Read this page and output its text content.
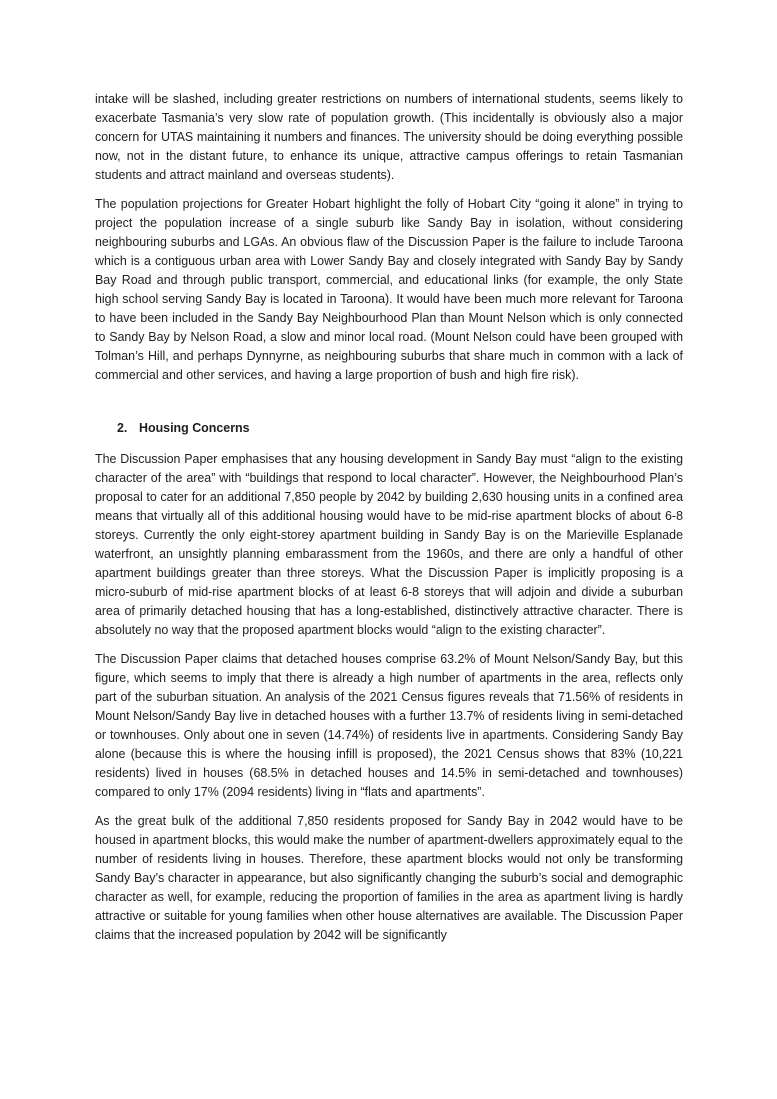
intake will be slashed, including greater restrictions on numbers of international students, seems likely to exacerbate Tasmania’s very slow rate of population growth. (This incidentally is obviously also a major concern for UTAS maintaining it numbers and finances. The university should be doing everything possible now, not in the distant future, to enhance its unique, attractive campus offerings to retain Tasmanian students and attract mainland and overseas students).

The population projections for Greater Hobart highlight the folly of Hobart City “going it alone” in trying to project the population increase of a single suburb like Sandy Bay in isolation, without considering neighbouring suburbs and LGAs. An obvious flaw of the Discussion Paper is the failure to include Taroona which is a contiguous urban area with Lower Sandy Bay and closely integrated with Sandy Bay by Sandy Bay Road and through public transport, commercial, and educational links (for example, the only State high school serving Sandy Bay is located in Taroona). It would have been much more relevant for Taroona to have been included in the Sandy Bay Neighbourhood Plan than Mount Nelson which is only connected to Sandy Bay by Nelson Road, a slow and minor local road. (Mount Nelson could have been grouped with Tolman’s Hill, and perhaps Dynnyrne, as neighbouring suburbs that share much in common with a lack of commercial and other services, and having a large proportion of bush and high fire risk).

2. Housing Concerns

The Discussion Paper emphasises that any housing development in Sandy Bay must “align to the existing character of the area” with “buildings that respond to local character”. However, the Neighbourhood Plan’s proposal to cater for an additional 7,850 people by 2042 by building 2,630 housing units in a confined area means that virtually all of this additional housing would have to be mid-rise apartment blocks of about 6-8 storeys. Currently the only eight-storey apartment building in Sandy Bay is on the Marieville Esplanade waterfront, an unsightly planning embarassment from the 1960s, and there are only a handful of other apartment buildings greater than three storeys. What the Discussion Paper is implicitly proposing is a micro-suburb of mid-rise apartment blocks of at least 6-8 storeys that will adjoin and divide a suburban area of primarily detached housing that has a long-established, distinctively attractive character. There is absolutely no way that the proposed apartment blocks would “align to the existing character”.

The Discussion Paper claims that detached houses comprise 63.2% of Mount Nelson/Sandy Bay, but this figure, which seems to imply that there is already a high number of apartments in the area, reflects only part of the suburban situation. An analysis of the 2021 Census figures reveals that 71.56% of residents in Mount Nelson/Sandy Bay live in detached houses with a further 13.7% of residents living in semi-detached or townhouses. Only about one in seven (14.74%) of residents live in apartments. Considering Sandy Bay alone (because this is where the housing infill is proposed), the 2021 Census shows that 83% (10,221 residents) lived in houses (68.5% in detached houses and 14.5% in semi-detached and townhouses) compared to only 17% (2094 residents) living in “flats and apartments”.

As the great bulk of the additional 7,850 residents proposed for Sandy Bay in 2042 would have to be housed in apartment blocks, this would make the number of apartment-dwellers approximately equal to the number of residents living in houses. Therefore, these apartment blocks would not only be transforming Sandy Bay’s character in appearance, but also significantly changing the suburb’s social and demographic character as well, for example, reducing the proportion of families in the area as apartment living is hardly attractive or suitable for young families when other house alternatives are available. The Discussion Paper claims that the increased population by 2042 will be significantly
